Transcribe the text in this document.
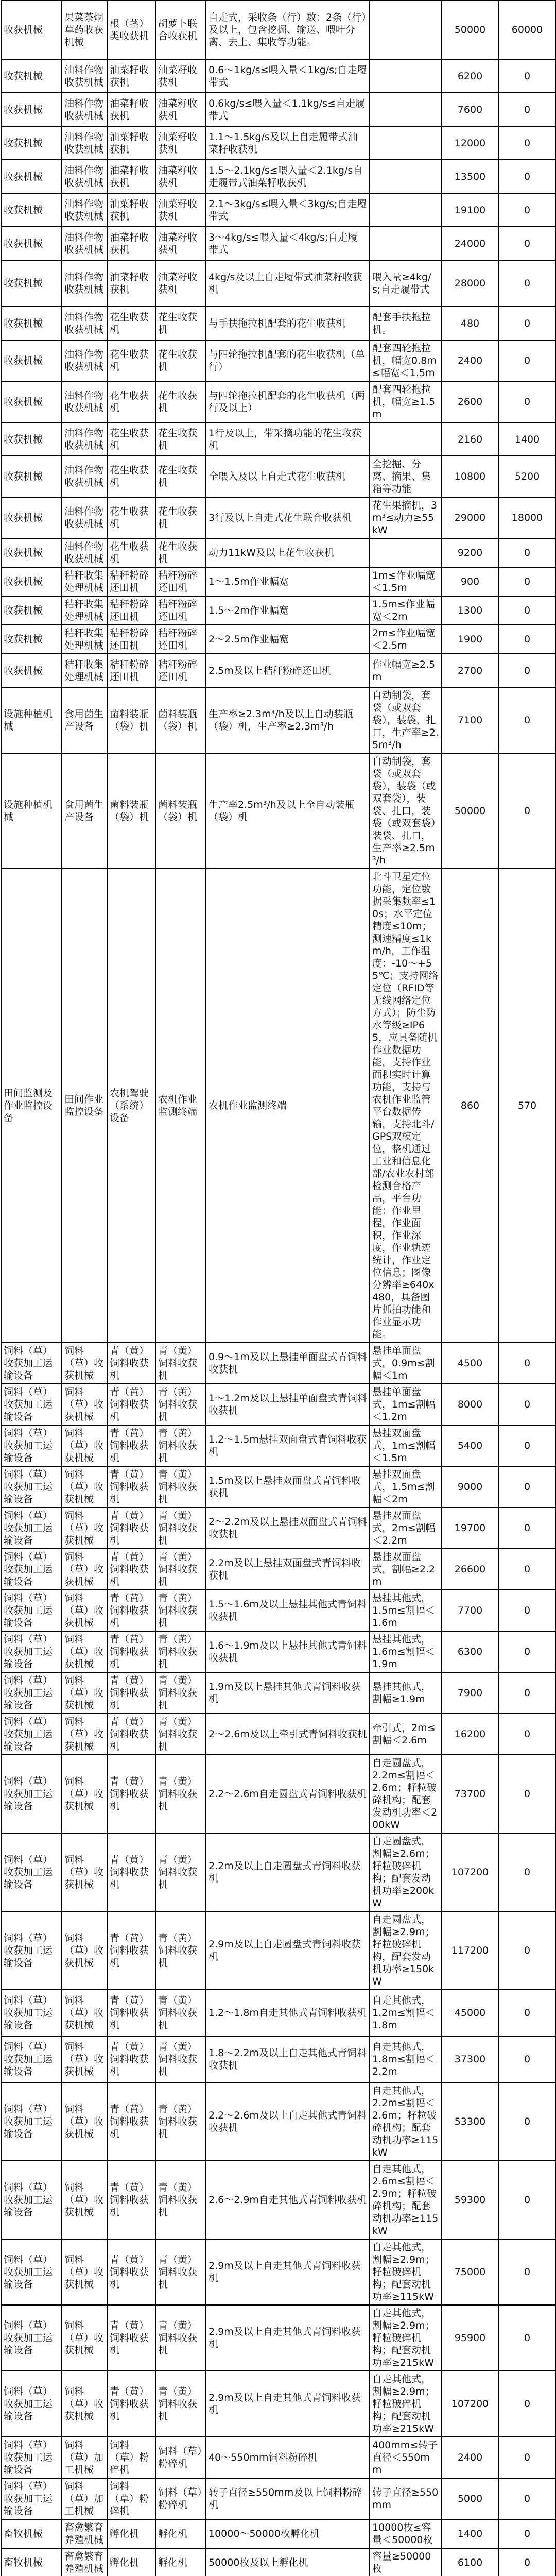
收获机械	果菜茶烟草药收获机械	根（茎）类收获机	胡萝卜联合收获机	自走式，采收条（行）数：2条（行）及以上，包含挖掘、输送、喂叶分离、去土、集收等功能。		50000	60000
收获机械	油料作物收获机械	油菜籽收获机	油菜籽收获机	0.6～1kg/s≤喂入量＜1kg/s;自走履带式		6200	0
收获机械	油料作物收获机械	油菜籽收获机	油菜籽收获机	0.6kg/s≤喂入量＜1.1kg/s≤自走履带式		7600	0
收获机械	油料作物收获机械	油菜籽收获机	油菜籽收获机	1.1～1.5kg/s及以上自走履带式油菜籽收获机		12000	0
收获机械	油料作物收获机械	油菜籽收获机	油菜籽收获机	1.5～2.1kg/s≤喂入量＜2.1kg/s自走履带式油菜籽收获机		13500	0
收获机械	油料作物收获机械	油菜籽收获机	油菜籽收获机	2.1～3kg/s≤喂入量＜3kg/s;自走履带式		19100	0
收获机械	油料作物收获机械	油菜籽收获机	油菜籽收获机	3～4kg/s≤喂入量＜4kg/s;自走履带式		24000	0
收获机械	油料作物收获机械	油菜籽收获机	油菜籽收获机	4kg/s及以上自走履带式油菜籽收获机	喂入量≥4kg/s;自走履带式	28000	0
收获机械	油料作物收获机械	花生收获机	花生收获机	与手扶拖拉机配套的花生收获机	配套手扶拖拉机。	480	0
收获机械	油料作物收获机械	花生收获机	花生收获机	与四轮拖拉机配套的花生收获机（单行）	配套四轮拖拉机，幅宽0.8m≤幅宽＜1.5m	2400	0
收获机械	油料作物收获机械	花生收获机	花生收获机	与四轮拖拉机配套的花生收获机（两行及以上）	配套四轮拖拉机，幅宽≥1.5m	2600	0
收获机械	油料作物收获机械	花生收获机	花生收获机	1行及以上，带采摘功能的花生收获机		2160	1400
收获机械	油料作物收获机械	花生收获机	花生收获机	全喂入及以上自走式花生收获机	全挖掘、分离、摘果、集箱等功能	10800	5200
收获机械	油料作物收获机械	花生收获机	花生收获机	3行及以上自走式花生联合收获机	花生果摘机，3m³≤动力≥55kW	29000	18000
收获机械	油料作物收获机械	花生收获机	花生收获机	动力11kW及以上花生收获机		9200	0
收获机械	秸秆收集处理机械	秸秆粉碎还田机	秸秆粉碎还田机	1～1.5m作业幅宽	1m≤作业幅宽＜1.5m	900	0
收获机械	秸秆收集处理机械	秸秆粉碎还田机	秸秆粉碎还田机	1.5～2m作业幅宽	1.5m≤作业幅宽＜2m	1300	0
收获机械	秸秆收集处理机械	秸秆粉碎还田机	秸秆粉碎还田机	2～2.5m作业幅宽	2m≤作业幅宽＜2.5m	1900	0
收获机械	秸秆收集处理机械	秸秆粉碎还田机	秸秆粉碎还田机	2.5m及以上秸秆粉碎还田机	作业幅宽≥2.5m	2700	0
设施种植机械	食用菌生产设备	菌料装瓶（袋）机	菌料装瓶（袋）机	生产率≥2.3m³/h及以上自动装瓶（袋）机，生产率≥2.3m³/h	自动制袋，套袋（或双套袋），装袋，扎口，生产率≥2.5m³/h	7100	0
设施种植机械	食用菌生产设备	菌料装瓶（袋）机	菌料装瓶（袋）机	生产率2.5m³/h及以上全自动装瓶（袋）机	自动制袋，套袋（或双套袋），装袋（或双套袋），装袋、扎口，装袋（或双套袋）装袋、扎口，生产率≥2.5m³/h	50000	0
田间监测及作业监控设备	田间作业监控设备	农机驾驶（系统）设备	农机作业监测终端	农机作业监测终端	北斗卫星定位功能，定位数据采集频率≤10s；水平定位精度≤10m；测速精度≤1km/h，工作温度：-10～+55℃；支持网络定位（RFID等无线网络定位方式）；防尘防水等级≥IP65，应具备随机作业数据功能，支持作业面积实时计算功能，支持与农机作业监管平台数据传输，支持北斗/GPS双模定位，整机通过工业和信息化部/农业农村部检测合格产品，平台功能：作业里程，作业面积，作业深度，作业轨迹统计，作业定位信息；图像分辨率≥640x480，具备图片抓拍功能和作业显示功能。	860	570
饲料（草）收获加工运输设备	饲料（草）收获机械	青（黄）饲料收获机	青（黄）饲料收获机	0.9～1m及以上悬挂单面盘式青饲料收获机	悬挂单面盘式，0.9m≤割幅＜1m	4500	0
饲料（草）收获加工运输设备	饲料（草）收获机械	青（黄）饲料收获机	青（黄）饲料收获机	1～1.2m及以上悬挂单面盘式青饲料收获机	悬挂单面盘式，1m≤割幅＜1.2m	8000	0
饲料（草）收获加工运输设备	饲料（草）收获机械	青（黄）饲料收获机	青（黄）饲料收获机	1.2～1.5m悬挂双面盘式青饲料收获机	悬挂双面盘式，1m≤割幅＜1.5m	5400	0
饲料（草）收获加工运输设备	饲料（草）收获机械	青（黄）饲料收获机	青（黄）饲料收获机	1.5m及以上悬挂双面盘式青饲料收获机	悬挂双面盘式，1.5m≤割幅＜2m	9000	0
饲料（草）收获加工运输设备	饲料（草）收获机械	青（黄）饲料收获机	青（黄）饲料收获机	2～2.2m及以上悬挂双面盘式青饲料收获机	悬挂双面盘式，2m≤割幅＜2.2m	19700	0
饲料（草）收获加工运输设备	饲料（草）收获机械	青（黄）饲料收获机	青（黄）饲料收获机	2.2m及以上悬挂双面盘式青饲料收获机	悬挂双面盘式，割幅≥2.2m	26600	0
饲料（草）收获加工运输设备	饲料（草）收获机械	青（黄）饲料收获机	青（黄）饲料收获机	1.5～1.6m及以上悬挂其他式青饲料收获机	悬挂其他式，1.5m≤割幅＜1.6m	7700	0
饲料（草）收获加工运输设备	饲料（草）收获机械	青（黄）饲料收获机	青（黄）饲料收获机	1.6～1.9m及以上悬挂其他式青饲料收获机	悬挂其他式，1.6m≤割幅＜1.9m	6300	0
饲料（草）收获加工运输设备	饲料（草）收获机械	青（黄）饲料收获机	青（黄）饲料收获机	1.9m及以上悬挂其他式青饲料收获机	悬挂其他式，割幅≥1.9m	7900	0
饲料（草）收获加工运输设备	饲料（草）收获机械	青（黄）饲料收获机	青（黄）饲料收获机	2～2.6m及以上牵引式青饲料收获机	牵引式，2m≤割幅＜2.6m	16200	0
饲料（草）收获加工运输设备	饲料（草）收获机械	青（黄）饲料收获机	青（黄）饲料收获机	2.2～2.6m自走圆盘式青饲料收获机	自走圆盘式，2.2m≤割幅＜2.6m；籽粒破碎机构；配套发动机功率＜200kW	73700	0
饲料（草）收获加工运输设备	饲料（草）收获机械	青（黄）饲料收获机	青（黄）饲料收获机	2.2m及以上自走圆盘式青饲料收获机	自走圆盘式，割幅≥2.6m；籽粒破碎机构；配套发动机功率≥200kW	107200	0
饲料（草）收获加工运输设备	饲料（草）收获机械	青（黄）饲料收获机	青（黄）饲料收获机	2.9m及以上自走圆盘式青饲料收获机	自走圆盘式，割幅≥2.9m；籽粒破碎机构，配套发动机功率≥150kW	117200	0
饲料（草）收获加工运输设备	饲料（草）收获机械	青（黄）饲料收获机	青（黄）饲料收获机	1.2～1.8m自走其他式青饲料收获机	自走其他式，1.2m≤割幅＜1.8m	45000	0
饲料（草）收获加工运输设备	饲料（草）收获机械	青（黄）饲料收获机	青（黄）饲料收获机	1.8～2.2m及以上自走其他式青饲料收获机	自走其他式，1.8m≤割幅＜2.2m	37300	0
饲料（草）收获加工运输设备	饲料（草）收获机械	青（黄）饲料收获机	青（黄）饲料收获机	2.2～2.6m及以上自走其他式青饲料收获机	自走其他式，2.2m≤割幅＜2.6m；籽粒破碎机构；配套动机功率≥115kW	53300	0
饲料（草）收获加工运输设备	饲料（草）收获机械	青（黄）饲料收获机	青（黄）饲料收获机	2.6～2.9m自走其他式青饲料收获机	自走其他式，2.6m≤割幅＜2.9m；籽粒破碎机构；配套动机功率≥115kW	59300	0
饲料（草）收获加工运输设备	饲料（草）收获机械	青（黄）饲料收获机	青（黄）饲料收获机	2.9m及以上自走其他式青饲料收获机	自走其他式，割幅≥2.9m；籽粒破碎机构；配套动机功率≥115kW	75000	0
饲料（草）收获加工运输设备	饲料（草）收获机械	青（黄）饲料收获机	青（黄）饲料收获机	2.9m及以上自走其他式青饲料收获机	自走其他式，割幅≥2.9m；籽粒破碎机构；配套动机功率≥215kW	95900	0
饲料（草）收获加工运输设备	饲料（草）收获机械	青（黄）饲料收获机	青（黄）饲料收获机	2.9m及以上自走其他式青饲料收获机	自走其他式，割幅≥2.9m；籽粒破碎机构；配套动机功率≥215kW	107200	0
饲料（草）收获加工运输设备	饲料（草）加工机械	饲料（草）粉碎机	饲料（草）粉碎机	40～550mm饲料粉碎机	400mm≤转子直径＜550mm	2400	0
饲料（草）收获加工运输设备	饲料（草）加工机械	饲料（草）粉碎机	饲料（草）粉碎机	转子直径≥550mm及以上饲料粉碎机	转子直径≥550mm	5000	0
畜牧机械	畜禽繁育养殖机械	孵化机	孵化机	10000～50000枚孵化机	10000枚≤容量＜50000枚	1400	0
畜牧机械	畜禽繁育养殖机械	孵化机	孵化机	50000枚及以上孵化机	容量≥50000枚	6100	0
